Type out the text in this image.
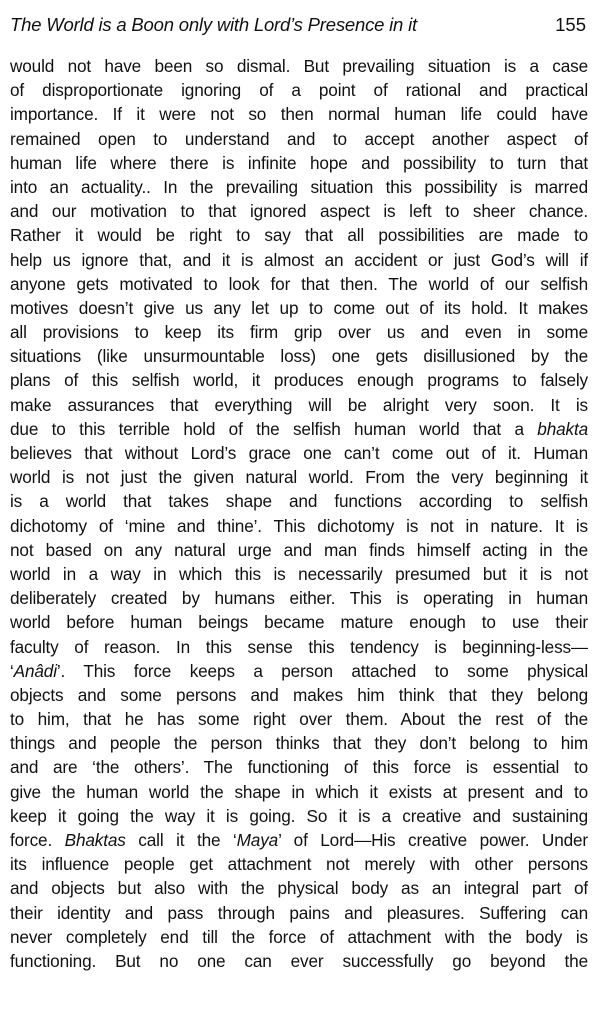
The World is a Boon only with Lord’s Presence in it	155
would not have been so dismal. But prevailing situation is a case
of disproportionate ignoring of a point of rational and practical
importance. If it were not so then normal human life could have
remained open to understand and to accept another aspect of
human life where there is infinite hope and possibility to turn that
into an actuality.. In the prevailing situation this possibility is marred
and our motivation to that ignored aspect is left to sheer chance.
Rather it would be right to say that all possibilities are made to
help us ignore that, and it is almost an accident or just God’s will if
anyone gets motivated to look for that then. The world of our selfish
motives doesn’t give us any let up to come out of its hold. It makes
all provisions to keep its firm grip over us and even in some
situations (like unsurmountable loss) one gets disillusioned by the
plans of this selfish world, it produces enough programs to falsely
make assurances that everything will be alright very soon. It is
due to this terrible hold of the selfish human world that a bhakta
believes that without Lord’s grace one can’t come out of it. Human
world is not just the given natural world. From the very beginning it
is a world that takes shape and functions according to selfish
dichotomy of ‘mine and thine’. This dichotomy is not in nature. It is
not based on any natural urge and man finds himself acting in the
world in a way in which this is necessarily presumed but it is not
deliberately created by humans either. This is operating in human
world before human beings became mature enough to use their
faculty of reason. In this sense this tendency is beginning-less—
‘Anâdi’. This force keeps a person attached to some physical
objects and some persons and makes him think that they belong
to him, that he has some right over them. About the rest of the
things and people the person thinks that they don’t belong to him
and are ‘the others’. The functioning of this force is essential to
give the human world the shape in which it exists at present and to
keep it going the way it is going. So it is a creative and sustaining
force. Bhaktas call it the ‘Maya’ of Lord—His creative power. Under
its influence people get attachment not merely with other persons
and objects but also with the physical body as an integral part of
their identity and pass through pains and pleasures. Suffering can
never completely end till the force of attachment with the body is
functioning. But no one can ever successfully go beyond the
